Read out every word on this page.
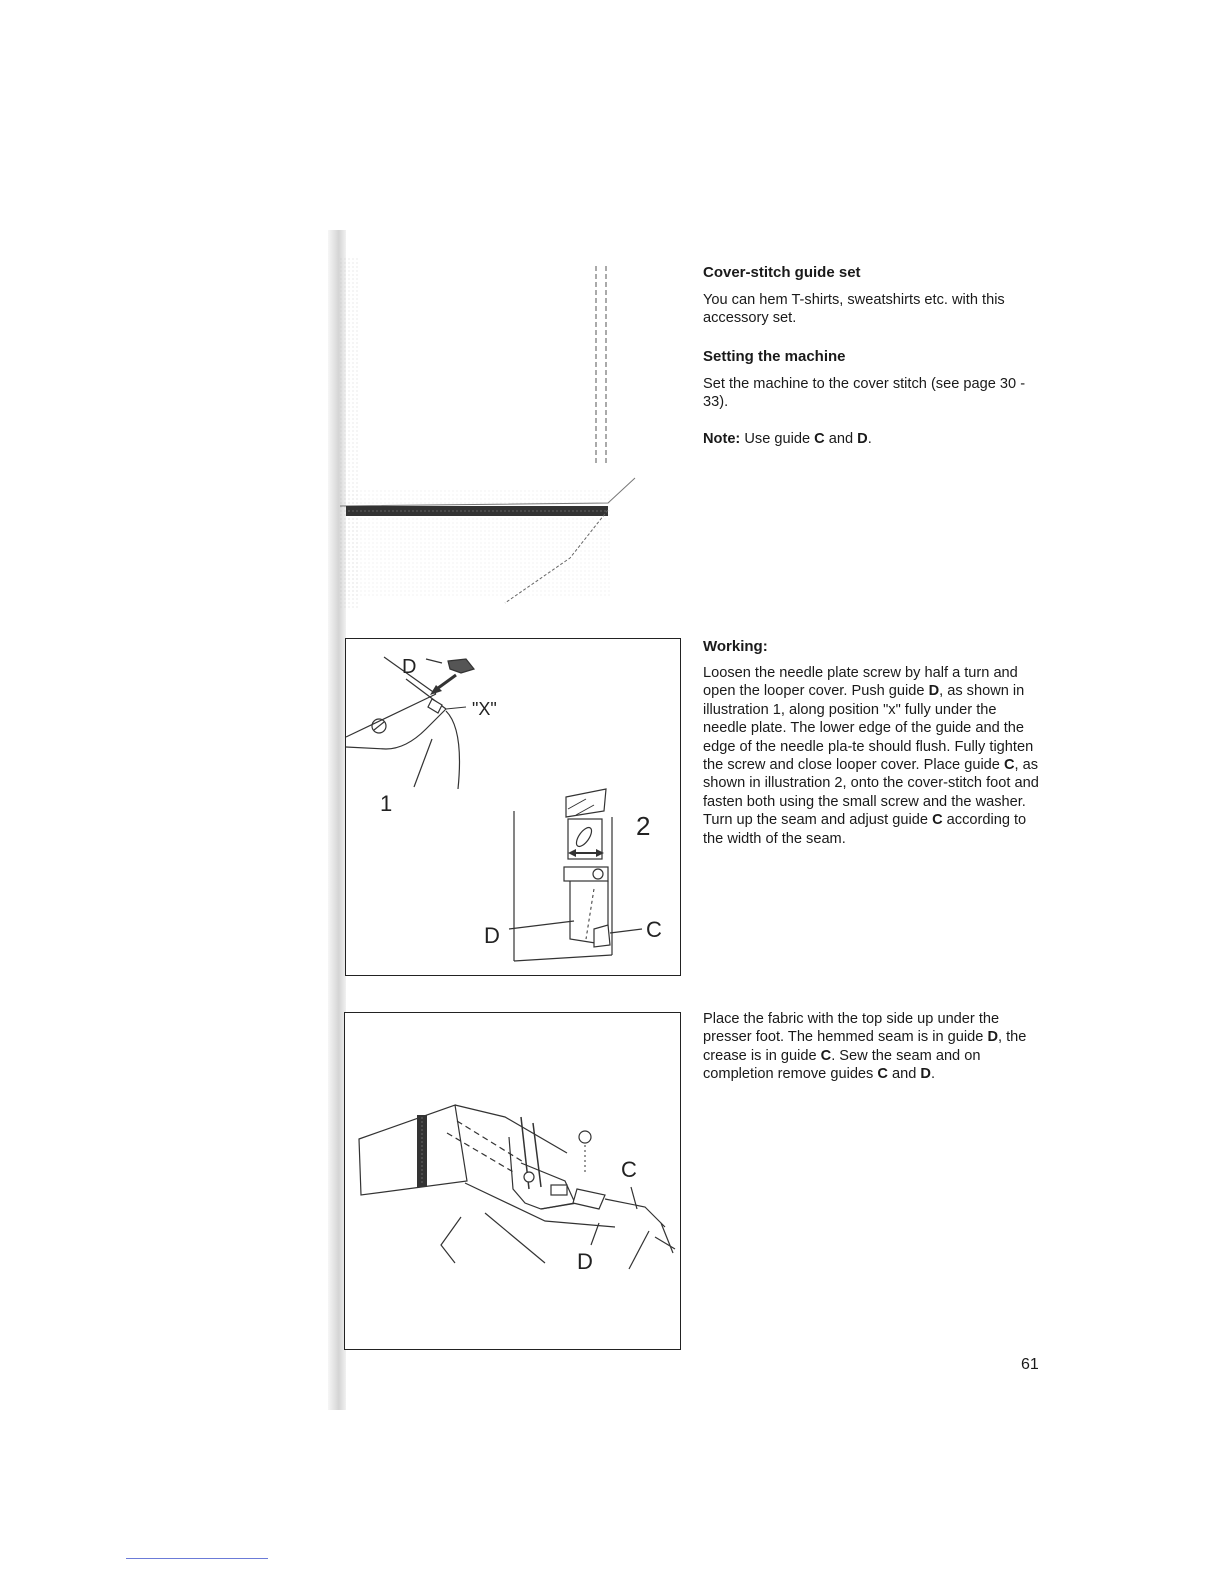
Cover-stitch guide set

You can hem T-shirts, sweatshirts etc. with this accessory set.

Setting the machine

Set the machine to the cover stitch (see page 30 - 33).

Note: Use guide C and D.

Working:

Loosen the needle plate screw by half a turn and open the looper cover. Push guide D, as shown in illustration 1, along position "x" fully under the needle plate. The lower edge of the guide and the edge of the needle pla-te should flush. Fully tighten the screw and close looper cover. Place guide C, as shown in illustration 2, onto the cover-stitch foot and fasten both using the small screw and the washer. Turn up the seam and adjust guide C according to the width of the seam.

Place the fabric with the top side up under the presser foot. The hemmed seam is in guide D, the crease is in guide C. Sew the seam and on completion remove guides C and D.

D
"X"
1
2
D	C
C
D
61
